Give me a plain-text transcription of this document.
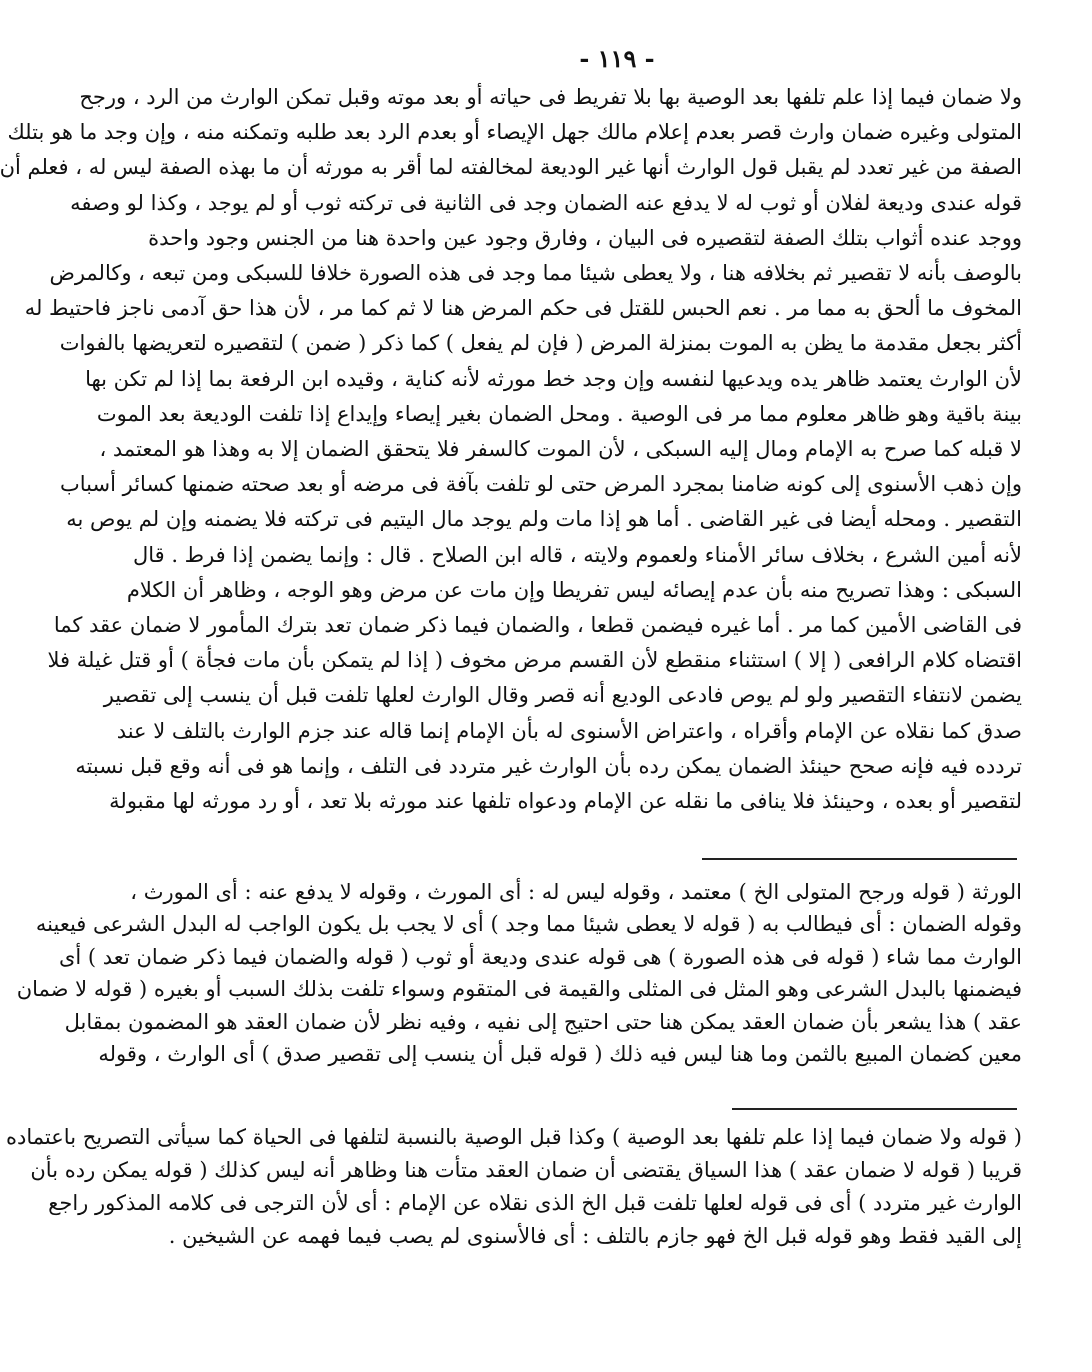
- ١١٩ -
ولا ضمان فيما إذا علم تلفها بعد الوصية بها بلا تفريط فى حياته أو بعد موته وقبل تمكن الوارث من الرد ، ورجح
المتولى وغيره ضمان وارث قصر بعدم إعلام مالك جهل الإيصاء أو بعدم الرد بعد طلبه وتمكنه منه ، وإن وجد ما هو بتلك
الصفة من غير تعدد لم يقبل قول الوارث أنها غير الوديعة لمخالفته لما أقر به مورثه أن ما بهذه الصفة ليس له ، فعلم أن
قوله عندى وديعة لفلان أو ثوب له لا يدفع عنه الضمان وجد فى الثانية فى تركته ثوب أو لم يوجد ، وكذا لو وصفه
ووجد عنده أثواب بتلك الصفة لتقصيره فى البيان ، وفارق وجود عين واحدة هنا من الجنس وجود واحدة
بالوصف بأنه لا تقصير ثم بخلافه هنا ، ولا يعطى شيئا مما وجد فى هذه الصورة خلافا للسبكى ومن تبعه ، وكالمرض
المخوف ما ألحق به مما مر . نعم الحبس للقتل فى حكم المرض هنا لا ثم كما مر ، لأن هذا حق آدمى ناجز فاحتيط له
أكثر بجعل مقدمة ما يظن به الموت بمنزلة المرض ( فإن لم يفعل ) كما ذكر ( ضمن ) لتقصيره لتعريضها بالفوات
لأن الوارث يعتمد ظاهر يده ويدعيها لنفسه وإن وجد خط مورثه لأنه كناية ، وقيده ابن الرفعة بما إذا لم تكن بها
بينة باقية وهو ظاهر معلوم مما مر فى الوصية . ومحل الضمان بغير إيصاء وإيداع إذا تلفت الوديعة بعد الموت
لا قبله كما صرح به الإمام ومال إليه السبكى ، لأن الموت كالسفر فلا يتحقق الضمان إلا به وهذا هو المعتمد ،
وإن ذهب الأسنوى إلى كونه ضامنا بمجرد المرض حتى لو تلفت بآفة فى مرضه أو بعد صحته ضمنها كسائر أسباب
التقصير . ومحله أيضا فى غير القاضى . أما هو إذا مات ولم يوجد مال اليتيم فى تركته فلا يضمنه وإن لم يوص به
لأنه أمين الشرع ، بخلاف سائر الأمناء ولعموم ولايته ، قاله ابن الصلاح . قال : وإنما يضمن إذا فرط . قال
السبكى : وهذا تصريح منه بأن عدم إيصائه ليس تفريطا وإن مات عن مرض وهو الوجه ، وظاهر أن الكلام
فى القاضى الأمين كما مر . أما غيره فيضمن قطعا ، والضمان فيما ذكر ضمان تعد بترك المأمور لا ضمان عقد كما
اقتضاه كلام الرافعى ( إلا ) استثناء منقطع لأن القسم مرض مخوف ( إذا لم يتمكن بأن مات فجأة ) أو قتل غيلة فلا
يضمن لانتفاء التقصير ولو لم يوص فادعى الوديع أنه قصر وقال الوارث لعلها تلفت قبل أن ينسب إلى تقصير
صدق كما نقلاه عن الإمام وأقراه ، واعتراض الأسنوى له بأن الإمام إنما قاله عند جزم الوارث بالتلف لا عند
تردده فيه فإنه صحح حينئذ الضمان يمكن رده بأن الوارث غير متردد فى التلف ، وإنما هو فى أنه وقع قبل نسبته
لتقصير أو بعده ، وحينئذ فلا ينافى ما نقله عن الإمام ودعواه تلفها عند مورثه بلا تعد ، أو رد مورثه لها مقبولة
الورثة ( قوله ورجح المتولى الخ ) معتمد ، وقوله ليس له : أى المورث ، وقوله لا يدفع عنه : أى المورث ،
وقوله الضمان : أى فيطالب به ( قوله لا يعطى شيئا مما وجد ) أى لا يجب بل يكون الواجب له البدل الشرعى فيعينه
الوارث مما شاء ( قوله فى هذه الصورة ) هى قوله عندى وديعة أو ثوب ( قوله والضمان فيما ذكر ضمان تعد ) أى
فيضمنها بالبدل الشرعى وهو المثل فى المثلى والقيمة فى المتقوم وسواء تلفت بذلك السبب أو بغيره ( قوله لا ضمان
عقد ) هذا يشعر بأن ضمان العقد يمكن هنا حتى احتيج إلى نفيه ، وفيه نظر لأن ضمان العقد هو المضمون بمقابل
معين كضمان المبيع بالثمن وما هنا ليس فيه ذلك ( قوله قبل أن ينسب إلى تقصير صدق ) أى الوارث ، وقوله
( قوله ولا ضمان فيما إذا علم تلفها بعد الوصية ) وكذا قبل الوصية بالنسبة لتلفها فى الحياة كما سيأتى التصريح باعتماده
قريبا ( قوله لا ضمان عقد ) هذا السياق يقتضى أن ضمان العقد متأت هنا وظاهر أنه ليس كذلك ( قوله يمكن رده بأن
الوارث غير متردد ) أى فى قوله لعلها تلفت قبل الخ الذى نقلاه عن الإمام : أى لأن الترجى فى كلامه المذكور راجع
إلى القيد فقط وهو قوله قبل الخ فهو جازم بالتلف : أى فالأسنوى لم يصب فيما فهمه عن الشيخين .
